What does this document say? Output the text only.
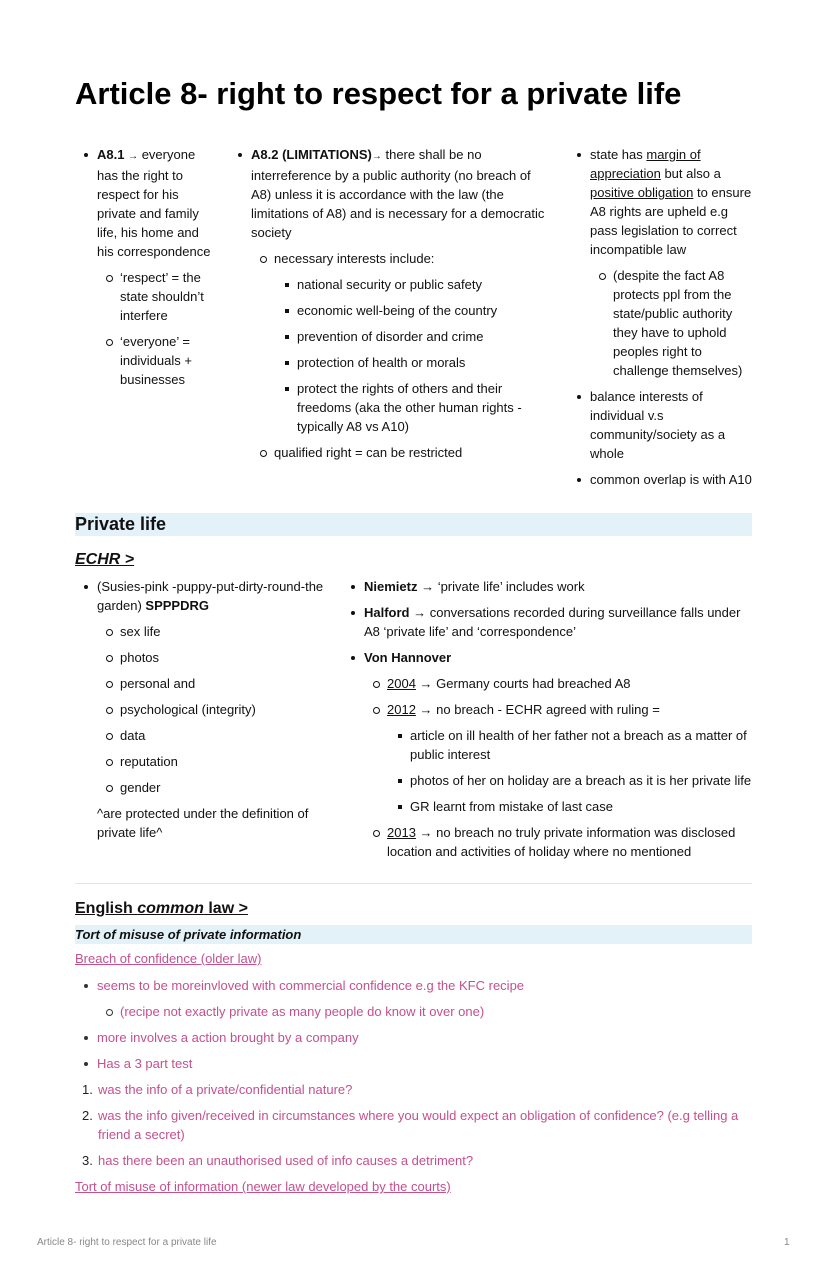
Article 8- right to respect for a private life
A8.1 → everyone has the right to respect for his private and family life, his home and his correspondence
‘respect’ = the state shouldn’t interfere
‘everyone’ = individuals + businesses
A8.2 (LIMITATIONS)→ there shall be no interreference by a public authority (no breach of A8) unless it is accordance with the law (the limitations of A8) and is necessary for a democratic society
necessary interests include:
national security or public safety
economic well-being of the country
prevention of disorder and crime
protection of health or morals
protect the rights of others and their freedoms (aka the other human rights - typically A8 vs A10)
qualified right = can be restricted
state has margin of appreciation but also a positive obligation to ensure A8 rights are upheld e.g pass legislation to correct incompatible law
(despite the fact A8 protects ppl from the state/public authority they have to uphold peoples right to challenge themselves)
balance interests of individual v.s community/society as a whole
common overlap is with A10
Private life
ECHR >
(Susies-pink -puppy-put-dirty-round-the garden) SPPPDRG
sex life
photos
personal and
psychological (integrity)
data
reputation
gender
^are protected under the definition of private life^
Niemietz → ‘private life’ includes work
Halford → conversations recorded during surveillance falls under A8 ‘private life’ and ‘correspondence’
Von Hannover
2004 → Germany courts had breached A8
2012 → no breach - ECHR agreed with ruling =
article on ill health of her father not a breach as a matter of public interest
photos of her on holiday are a breach as it is her private life
GR learnt from mistake of last case
2013 → no breach no truly private information was disclosed location and activities of holiday where no mentioned
English common law >
Tort of misuse of private information
Breach of confidence (older law)
seems to be moreinvloved with commercial confidence e.g the KFC recipe
(recipe not exactly private as many people do know it over one)
more involves a action brought by a company
Has a 3 part test
1. was the info of a private/confidential nature?
2. was the info given/received in circumstances where you would expect an obligation of confidence? (e.g telling a friend a secret)
3. has there been an unauthorised used of info causes a detriment?
Tort of misuse of information (newer law developed by the courts)
Article 8- right to respect for a private life	1
